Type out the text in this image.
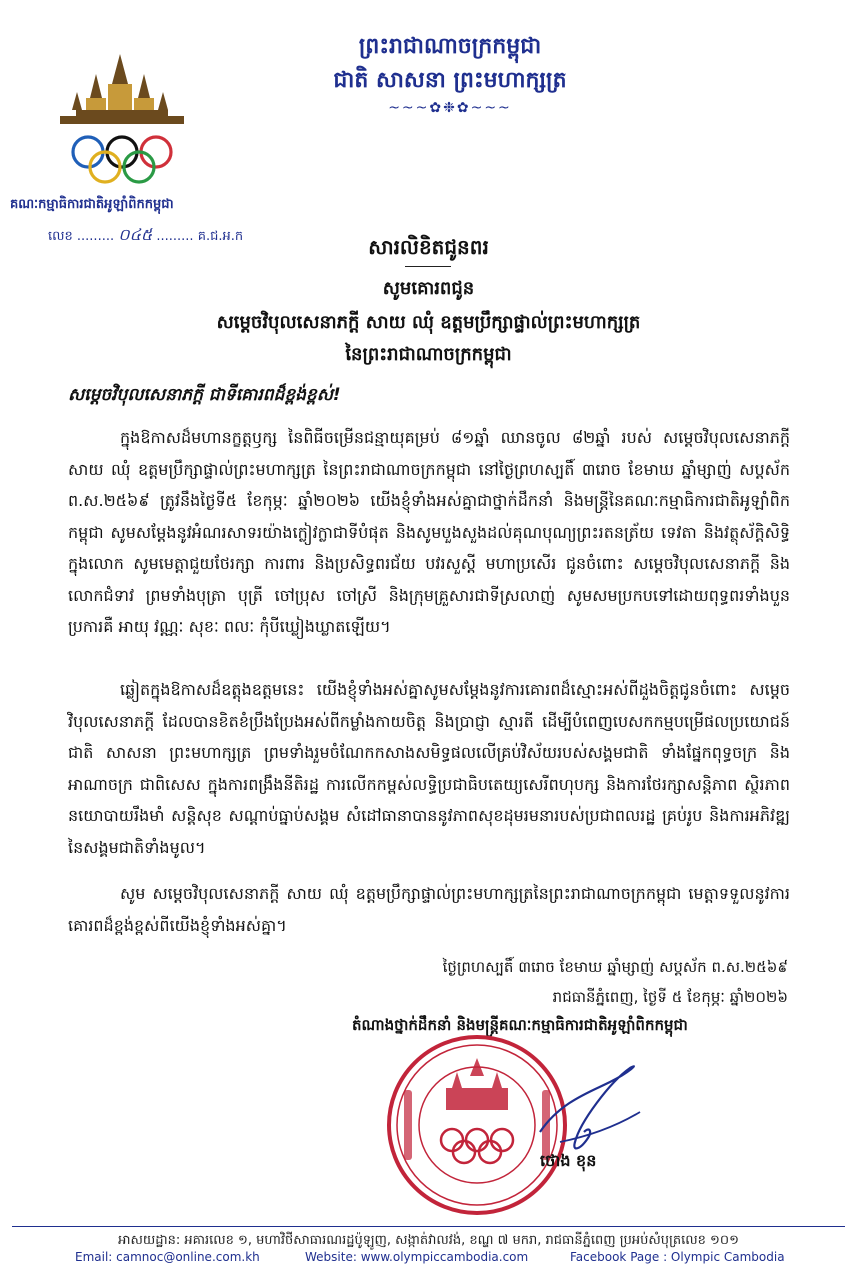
គណៈកម្មាធិការជាតិអូឡាំពិកកម្ពុជា
លេខ ......... ០៤៥ ......... គ.ជ.អ.ក
ព្រះរាជាណាចក្រកម្ពុជា
ជាតិ សាសនា ព្រះមហាក្សត្រ
~~~✿❉✿~~~
សារលិខិតជូនពរ
សូមគោរពជូន
សម្តេចវិបុលសេនាភក្តី សាយ ឈុំ ឧត្តមប្រឹក្សាផ្ទាល់ព្រះមហាក្សត្រ
នៃព្រះរាជាណាចក្រកម្ពុជា
សម្តេចវិបុលសេនាភក្តី ជាទីគោរពដ៏ខ្ពង់ខ្ពស់!
ក្នុងឱកាសដ៏មហានក្ខត្តឫក្ស នៃពិធីចម្រើនជន្មាយុគម្រប់ ៨១ឆ្នាំ ឈានចូល ៨២ឆ្នាំ របស់ សម្តេចវិបុលសេនាភក្តី សាយ ឈុំ ឧត្តមប្រឹក្សាផ្ទាល់ព្រះមហាក្សត្រ នៃព្រះរាជាណាចក្រកម្ពុជា នៅថ្ងៃព្រហស្បតិ៍ ៣រោច ខែមាឃ ឆ្នាំម្សាញ់ សប្តស័ក ព.ស.២៥៦៩ ត្រូវនឹងថ្ងៃទី៥ ខែកុម្ភៈ ឆ្នាំ២០២៦ យើងខ្ញុំទាំងអស់គ្នាជាថ្នាក់ដឹកនាំ និងមន្ត្រីនៃគណៈកម្មាធិការជាតិអូឡាំពិកកម្ពុជា សូមសម្តែងនូវអំណរសាទរយ៉ាងក្លៀវក្លាជាទីបំផុត និងសូមបួងសួងដល់គុណបុណ្យព្រះរតនត្រ័យ ទេវតា និងវត្ថុស័ក្តិសិទ្ធិក្នុងលោក សូមមេត្តាជួយថែរក្សា ការពារ និងប្រសិទ្ធពរជ័យ បវរសួស្តី មហាប្រសើរ ជូនចំពោះ សម្តេចវិបុលសេនាភក្តី និង លោកជំទាវ ព្រមទាំងបុត្រា បុត្រី ចៅប្រុស ចៅស្រី និងក្រុមគ្រួសារជាទីស្រលាញ់ សូមសមប្រកបទៅដោយពុទ្ធពរទាំងបួនប្រការគឺ អាយុ វណ្ណៈ សុខៈ ពលៈ កុំបីឃ្លៀងឃ្លាតឡើយ។
ឆ្លៀតក្នុងឱកាសដ៏ឧត្តុងឧត្តមនេះ យើងខ្ញុំទាំងអស់គ្នាសូមសម្តែងនូវការគោរពដ៏ស្មោះអស់ពីដួងចិត្តជូនចំពោះ សម្តេចវិបុលសេនាភក្តី ដែលបានខិតខំប្រឹងប្រែងអស់ពីកម្លាំងកាយចិត្ត និងប្រាជ្ញា ស្មារតី ដើម្បីបំពេញបេសកកម្មបម្រើផលប្រយោជន៍ជាតិ សាសនា ព្រះមហាក្សត្រ ព្រមទាំងរួមចំណែកកសាងសមិទ្ធផលលើគ្រប់វិស័យរបស់សង្គមជាតិ ទាំងផ្នែកពុទ្ធចក្រ និងអាណាចក្រ ជាពិសេស ក្នុងការពង្រឹងនីតិរដ្ឋ ការលើកកម្ពស់លទ្ធិប្រជាធិបតេយ្យសេរីពហុបក្ស និងការថែរក្សាសន្តិភាព ស្ថិរភាព នយោបាយរឹងមាំ សន្តិសុខ សណ្តាប់ធ្នាប់សង្គម សំដៅធានាបាននូវភាពសុខដុមរមនារបស់ប្រជាពលរដ្ឋ គ្រប់រូប និងការអភិវឌ្ឍនៃសង្គមជាតិទាំងមូល។
សូម សម្តេចវិបុលសេនាភក្តី សាយ ឈុំ ឧត្តមប្រឹក្សាផ្ទាល់ព្រះមហាក្សត្រនៃព្រះរាជាណាចក្រកម្ពុជា មេត្តាទទួលនូវការគោរពដ៏ខ្ពង់ខ្ពស់ពីយើងខ្ញុំទាំងអស់គ្នា។
ថ្ងៃព្រហស្បតិ៍ ៣រោច ខែមាឃ ឆ្នាំម្សាញ់ សប្តស័ក ព.ស.២៥៦៩
រាជធានីភ្នំពេញ, ថ្ងៃទី ៥ ខែកុម្ភៈ ឆ្នាំ២០២៦
តំណាងថ្នាក់ដឹកនាំ និងមន្ត្រីគណៈកម្មាធិការជាតិអូឡាំពិកកម្ពុជា
ថោង ខុន
អាសយដ្ឋាន: អគារលេខ ១, មហាវិថីសាធារណរដ្ឋប៉ូឡូញ, សង្កាត់វាលវង់, ខណ្ឌ ៧ មករា, រាជធានីភ្នំពេញ ប្រអប់សំបុត្រលេខ ១០១
Email: camnoc@online.com.kh	Website: www.olympiccambodia.com	Facebook Page : Olympic Cambodia
